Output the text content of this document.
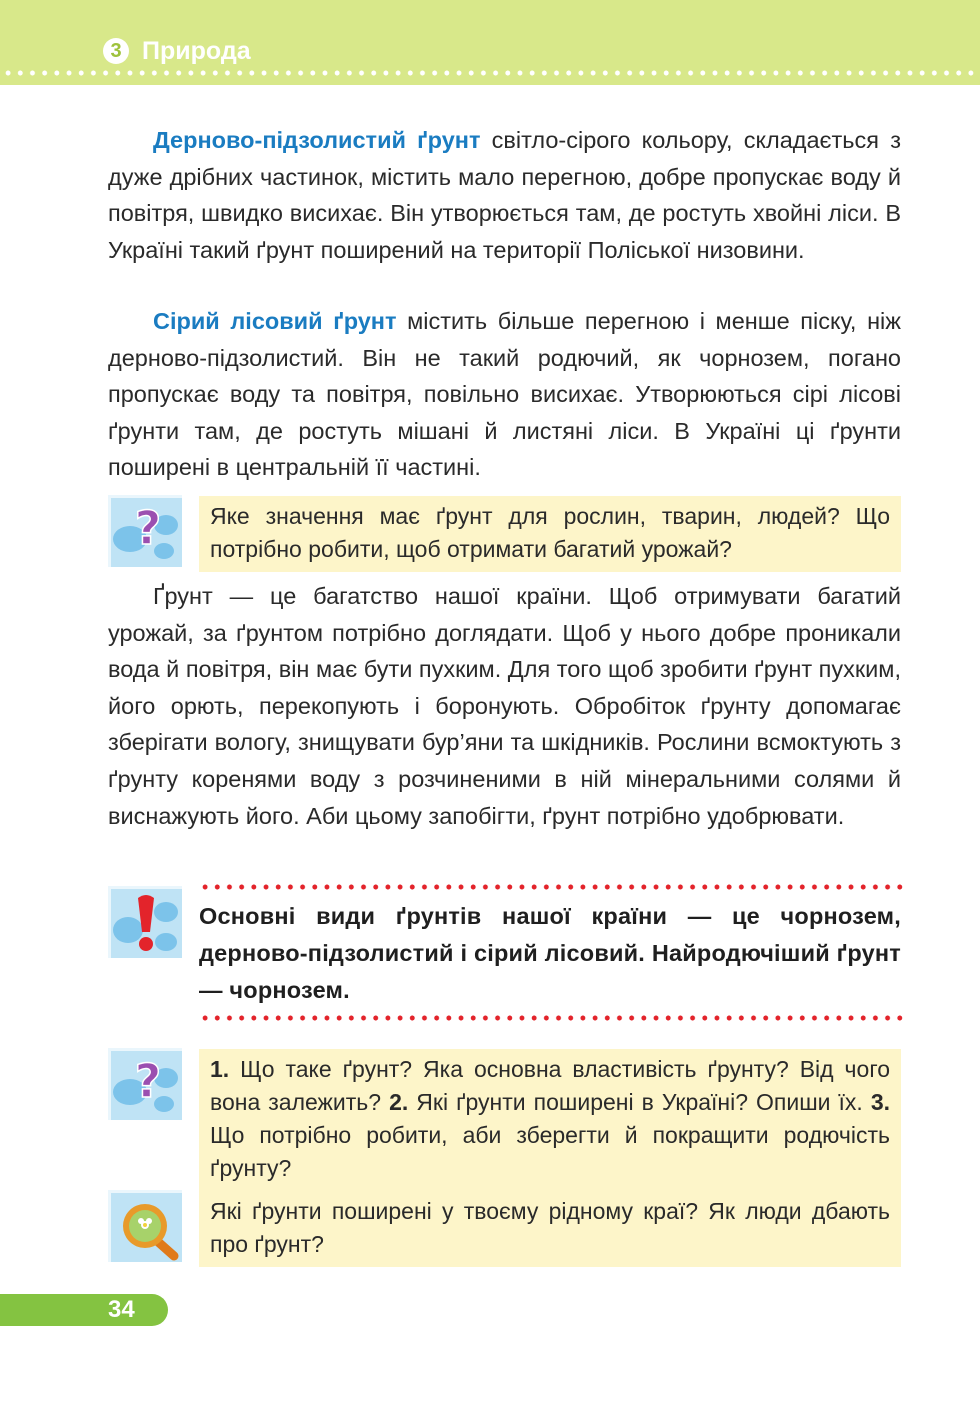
3 Природа

Дерново-підзолистий ґрунт світло-сірого кольору, складається з дуже дрібних частинок, містить мало перегною, добре пропускає воду й повітря, швидко висихає. Він утворюється там, де ростуть хвойні ліси. В Україні такий ґрунт поширений на території Поліської низовини.

Сірий лісовий ґрунт містить більше перегною і менше піску, ніж дерново-підзолистий. Він не такий родючий, як чорнозем, погано пропускає воду та повітря, повільно висихає. Утворюються сірі лісові ґрунти там, де ростуть мішані й листяні ліси. В Україні ці ґрунти поширені в центральній її частині.

?	Яке значення має ґрунт для рослин, тварин, людей? Що потрібно робити, щоб отримати багатий урожай?

Ґрунт — це багатство нашої країни. Щоб отримувати багатий урожай, за ґрунтом потрібно доглядати. Щоб у нього добре проникали вода й повітря, він має бути пухким. Для того щоб зробити ґрунт пухким, його орють, перекопують і боронують. Обробіток ґрунту допомагає зберігати вологу, знищувати бур’яни та шкідників. Рослини всмоктують з ґрунту коренями воду з розчиненими в ній мінеральними солями й виснажують його. Аби цьому запобігти, ґрунт потрібно удобрювати.

Основні види ґрунтів нашої країни — це чорнозем, дерново-підзолистий і сірий лісовий. Найродючіший ґрунт — чорнозем.

?	1. Що таке ґрунт? Яка основна властивість ґрунту? Від чого вона залежить? 2. Які ґрунти поширені в Україні? Опиши їх. 3. Що потрібно робити, аби зберегти й покращити родючість ґрунту?
Які ґрунти поширені у твоєму рідному краї? Як люди дбають про ґрунт?
34
